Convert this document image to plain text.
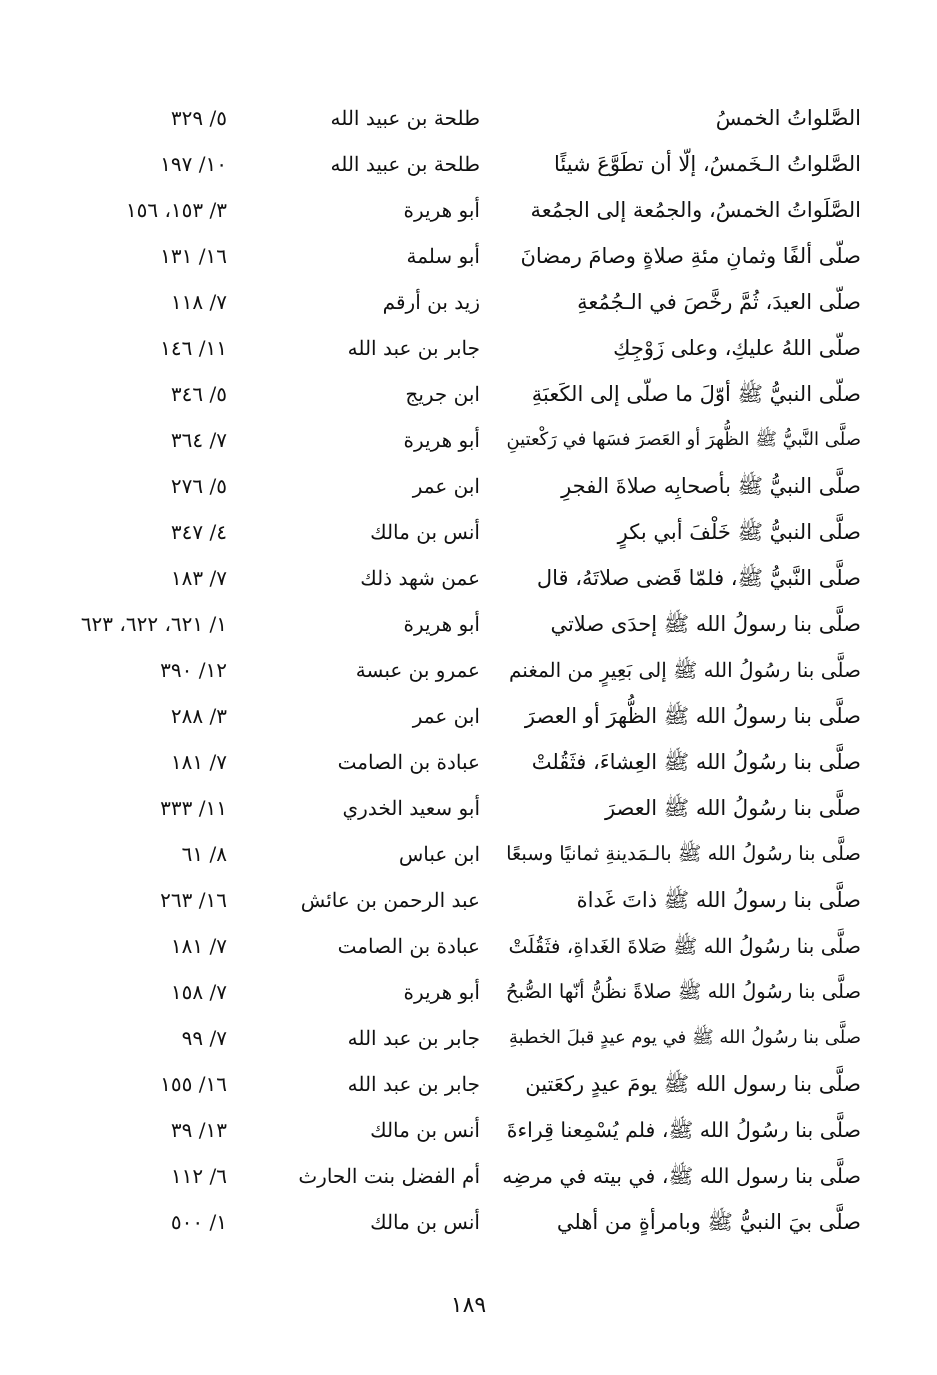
الصَّلواتُ الخمسُ
طلحة بن عبيد الله
٥/ ٣٢٩
الصَّلواتُ الـخَمسُ، إلّا أن تطَوَّعَ شيئًا
طلحة بن عبيد الله
١٠/ ١٩٧
الصَّلَواتُ الخمسُ، والجمُعة إلى الجمُعة
أبو هريرة
٣/ ١٥٣، ١٥٦
صلّى ألفًا وثمانِ مئةِ صلاةٍ وصامَ رمضانَ
أبو سلمة
١٦/ ١٣١
صلّى العيدَ، ثُمَّ رخَّصَ في الـجُمُعةِ
زيد بن أرقم
٧/ ١١٨
صلّى اللهُ عليكِ، وعلى زَوْجِكِ
جابر بن عبد الله
١١/ ١٤٦
صلّى النبيُّ ﷺ أوّلَ ما صلّى إلى الكَعبَةِ
ابن جريج
٥/ ٣٤٦
صلَّى النَّبيُّ ﷺ الظُّهرَ أو العَصرَ فسَها في رَكْعتينِ
أبو هريرة
٧/ ٣٦٤
صلَّى النبيُّ ﷺ بأصحابِه صلاةَ الفجرِ
ابن عمر
٥/ ٢٧٦
صلَّى النبيُّ ﷺ خَلْفَ أبي بكرٍ
أنس بن مالك
٤/ ٣٤٧
صلَّى النَّبيُّ ﷺ، فلمّا قَضى صلاتَهُ، قال
عمن شهد ذلك
٧/ ١٨٣
صلَّى بنا رسولُ الله ﷺ إحدَى صلاتي
أبو هريرة
١/ ٦٢١، ٦٢٢، ٦٢٣
صلَّى بنا رسُولُ الله ﷺ إلى بَعِيرٍ من المغنم
عمرو بن عبسة
١٢/ ٣٩٠
صلَّى بنا رسولُ الله ﷺ الظُّهرَ أو العصرَ
ابن عمر
٣/ ٢٨٨
صلَّى بنا رسُولُ الله ﷺ العِشاءَ، فثَقُلتْ
عبادة بن الصامت
٧/ ١٨١
صلَّى بنا رسُولُ الله ﷺ العصرَ
أبو سعيد الخدري
١١/ ٣٣٣
صلَّى بنا رسُولُ الله ﷺ بالـمَدينةِ ثمانيًا وسبعًا
ابن عباس
٨/ ٦١
صلَّى بنا رسولُ الله ﷺ ذاتَ غَداة
عبد الرحمن بن عائش
١٦/ ٢٦٣
صلَّى بنا رسُولُ الله ﷺ صَلاةَ الغَداةِ، فثَقُلَتْ
عبادة بن الصامت
٧/ ١٨١
صلَّى بنا رسُولُ الله ﷺ صلاةً نظُنُّ أنّها الصُّبحُ
أبو هريرة
٧/ ١٥٨
صلَّى بنا رسُولُ الله ﷺ في يوم عيدٍ قبلَ الخطبةِ
جابر بن عبد الله
٧/ ٩٩
صلَّى بنا رسول الله ﷺ يومَ عيدٍ ركعَتين
جابر بن عبد الله
١٦/ ١٥٥
صلَّى بنا رسُولُ الله ﷺ، فلم يُسْمِعنا قِراءةَ
أنس بن مالك
١٣/ ٣٩
صلَّى بنا رسول الله ﷺ، في بيته في مرضِه
أم الفضل بنت الحارث
٦/ ١١٢
صلَّى بيَ النبيُّ ﷺ وبامرأةٍ من أهلي
أنس بن مالك
١/ ٥٠٠
١٨٩
